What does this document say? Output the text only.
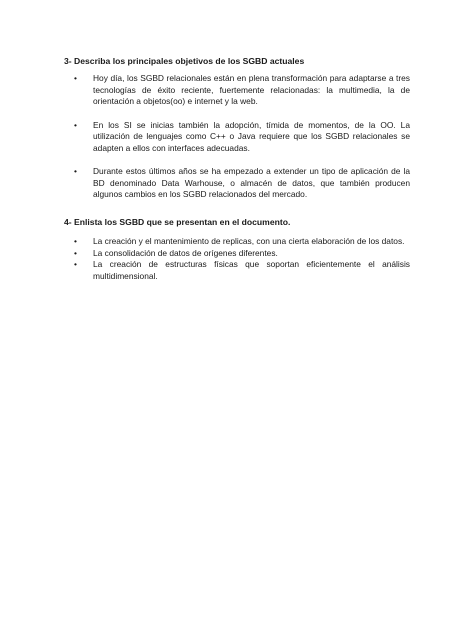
3- Describa los principales objetivos de los SGBD actuales
• Hoy día, los SGBD relacionales están en plena transformación para adaptarse a tres tecnologías de éxito reciente, fuertemente relacionadas: la multimedia, la de orientación a objetos(oo) e internet y la web.
• En los SI se inicias también la adopción, tímida de momentos, de la OO. La utilización de lenguajes como C++ o Java requiere que los SGBD relacionales se adapten a ellos con interfaces adecuadas.
• Durante estos últimos años se ha empezado a extender un tipo de aplicación de la BD denominado Data Warhouse, o almacén de datos, que también producen algunos cambios en los SGBD relacionados del mercado.
4- Enlista los SGBD que se presentan en el documento.
• La creación y el mantenimiento de replicas, con una cierta elaboración de los datos.
• La consolidación de datos de orígenes diferentes.
• La creación de estructuras físicas que soportan eficientemente el análisis multidimensional.
